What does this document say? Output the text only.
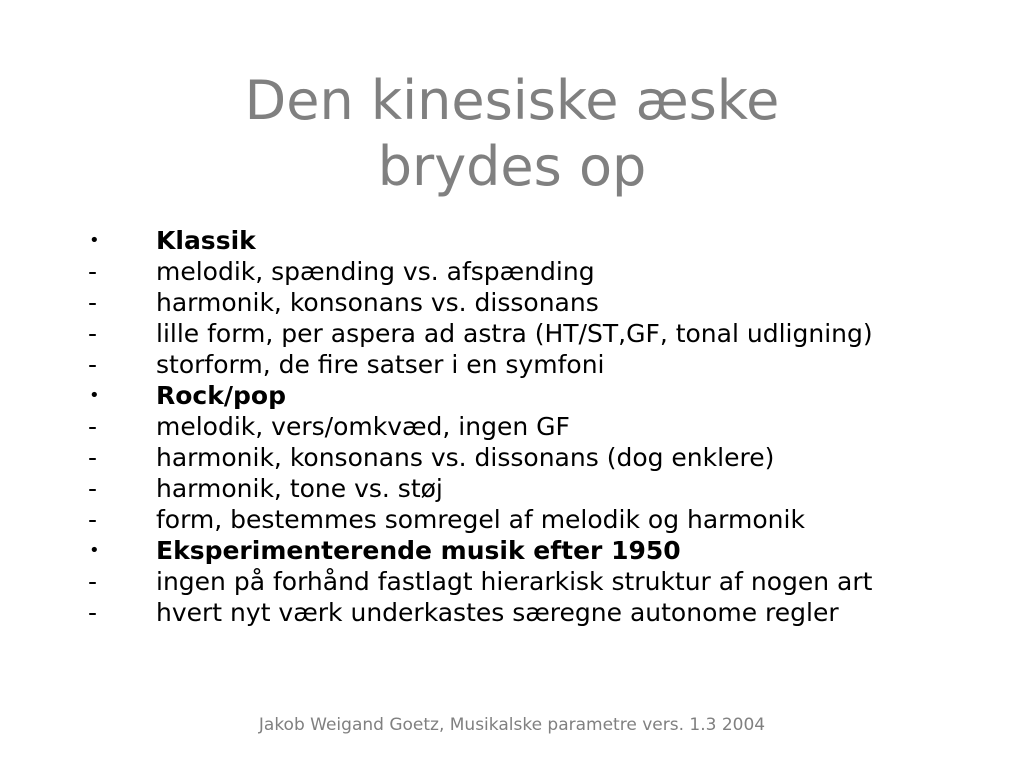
Den kinesiske æske
brydes op
•	Klassik
-	melodik, spænding vs. afspænding
-	harmonik, konsonans vs. dissonans
-	lille form, per aspera ad astra (HT/ST,GF, tonal udligning)
-	storform, de fire satser i en symfoni
•	Rock/pop
-	melodik, vers/omkvæd, ingen GF
-	harmonik, konsonans vs. dissonans (dog enklere)
-	harmonik, tone vs. støj
-	form, bestemmes somregel af melodik og harmonik
•	Eksperimenterende musik efter 1950
-	ingen på forhånd fastlagt hierarkisk struktur af nogen art
-	hvert nyt værk underkastes særegne autonome regler
Jakob Weigand Goetz, Musikalske parametre vers. 1.3 2004
